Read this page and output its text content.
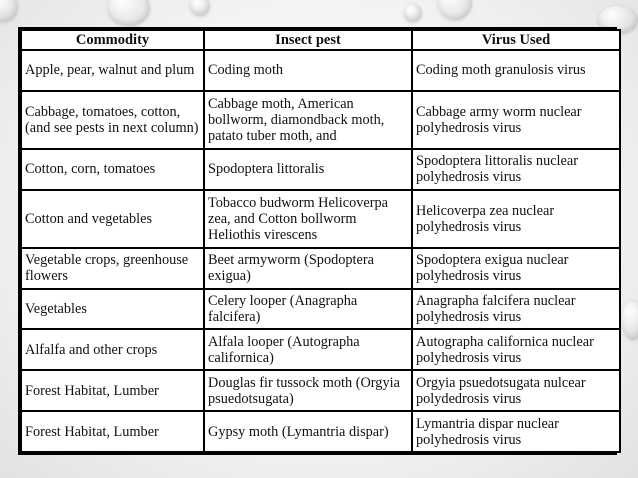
Commodity	Insect pest	Virus Used
Apple, pear, walnut and plum	Coding moth	Coding moth granulosis virus
Cabbage, tomatoes, cotton, (and see pests in next column)	Cabbage moth, American bollworm, diamondback moth, patato tuber moth, and	Cabbage army worm nuclear polyhedrosis virus
Cotton, corn, tomatoes	Spodoptera littoralis	Spodoptera littoralis nuclear polyhedrosis virus
Cotton and vegetables	Tobacco budworm Helicoverpa zea, and Cotton bollworm Heliothis virescens	Helicoverpa zea nuclear polyhedrosis virus
Vegetable crops, greenhouse flowers	Beet armyworm (Spodoptera exigua)	Spodoptera exigua nuclear polyhedrosis virus
Vegetables	Celery looper (Anagrapha falcifera)	Anagrapha falcifera nuclear polyhedrosis virus
Alfalfa and other crops	Alfala looper (Autographa californica)	Autographa californica nuclear polyhedrosis virus
Forest Habitat, Lumber	Douglas fir tussock moth (Orgyia psuedotsugata)	Orgyia psuedotsugata nulcear polydedrosis virus
Forest Habitat, Lumber	Gypsy moth (Lymantria dispar)	Lymantria dispar nuclear polyhedrosis virus
